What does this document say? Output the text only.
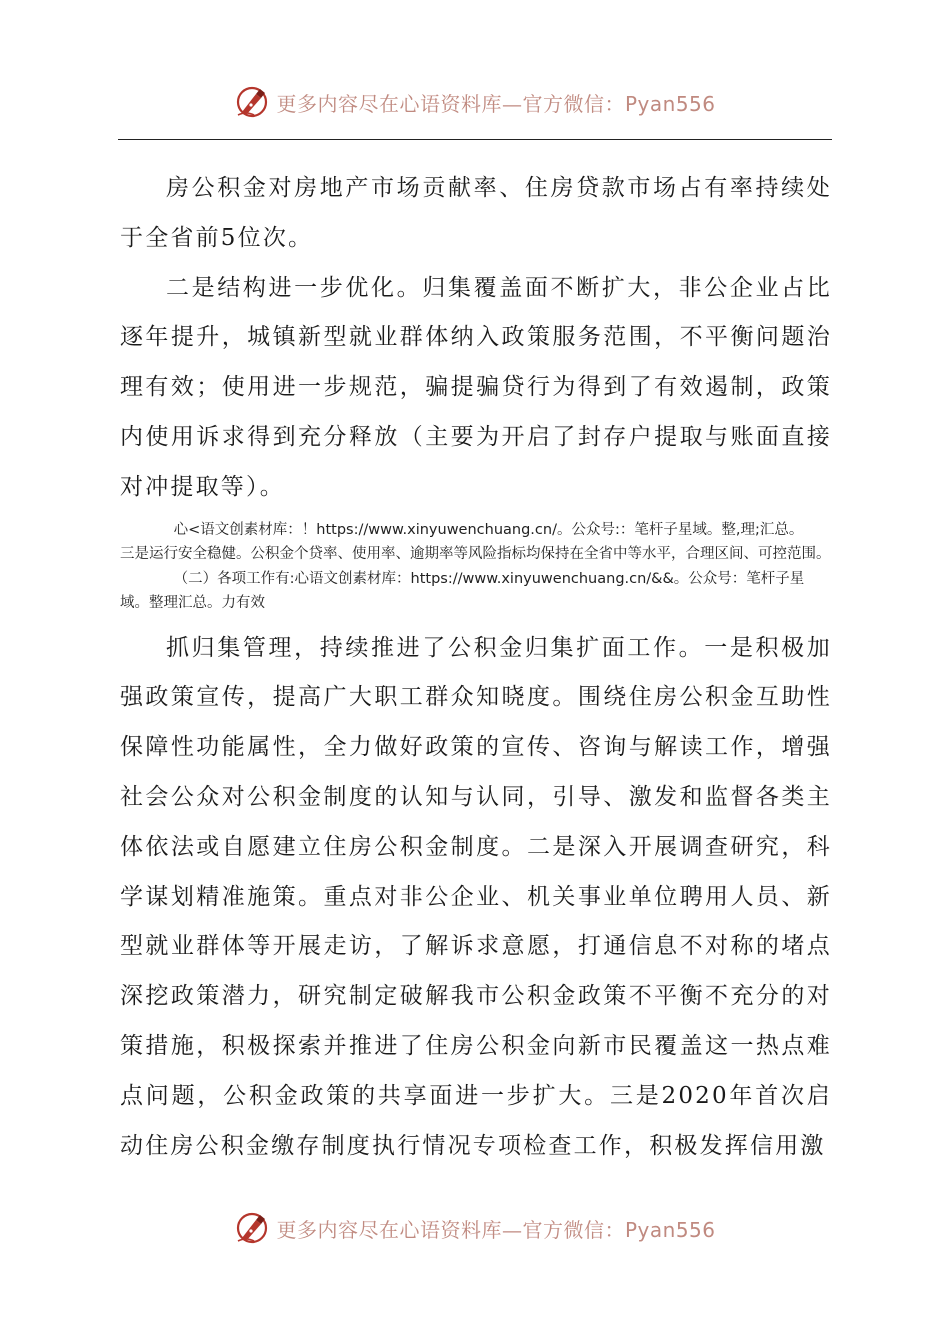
更多内容尽在心语资料库—官方微信：Pyan556

房公积金对房地产市场贡献率、住房贷款市场占有率持续处于全省前5位次。

二是结构进一步优化。归集覆盖面不断扩大，非公企业占比逐年提升，城镇新型就业群体纳入政策服务范围，不平衡问题治理有效；使用进一步规范，骗提骗贷行为得到了有效遏制，政策内使用诉求得到充分释放（主要为开启了封存户提取与账面直接对冲提取等）。

心<语文创素材库：！https://www.xinyuwenchuang.cn/。公众号:：笔杆子星域。整,理;汇总。

三是运行安全稳健。公积金个贷率、使用率、逾期率等风险指标均保持在全省中等水平，合理区间、可控范围。

（二）各项工作有:心语文创素材库：https://www.xinyuwenchuang.cn/&&。公众号：笔杆子星域。整理汇总。力有效

抓归集管理，持续推进了公积金归集扩面工作。一是积极加强政策宣传，提高广大职工群众知晓度。围绕住房公积金互助性保障性功能属性，全力做好政策的宣传、咨询与解读工作，增强社会公众对公积金制度的认知与认同，引导、激发和监督各类主体依法或自愿建立住房公积金制度。二是深入开展调查研究，科学谋划精准施策。重点对非公企业、机关事业单位聘用人员、新型就业群体等开展走访，了解诉求意愿，打通信息不对称的堵点深挖政策潜力，研究制定破解我市公积金政策不平衡不充分的对策措施，积极探索并推进了住房公积金向新市民覆盖这一热点难点问题，公积金政策的共享面进一步扩大。三是2020年首次启动住房公积金缴存制度执行情况专项检查工作，积极发挥信用激

更多内容尽在心语资料库—官方微信：Pyan556
